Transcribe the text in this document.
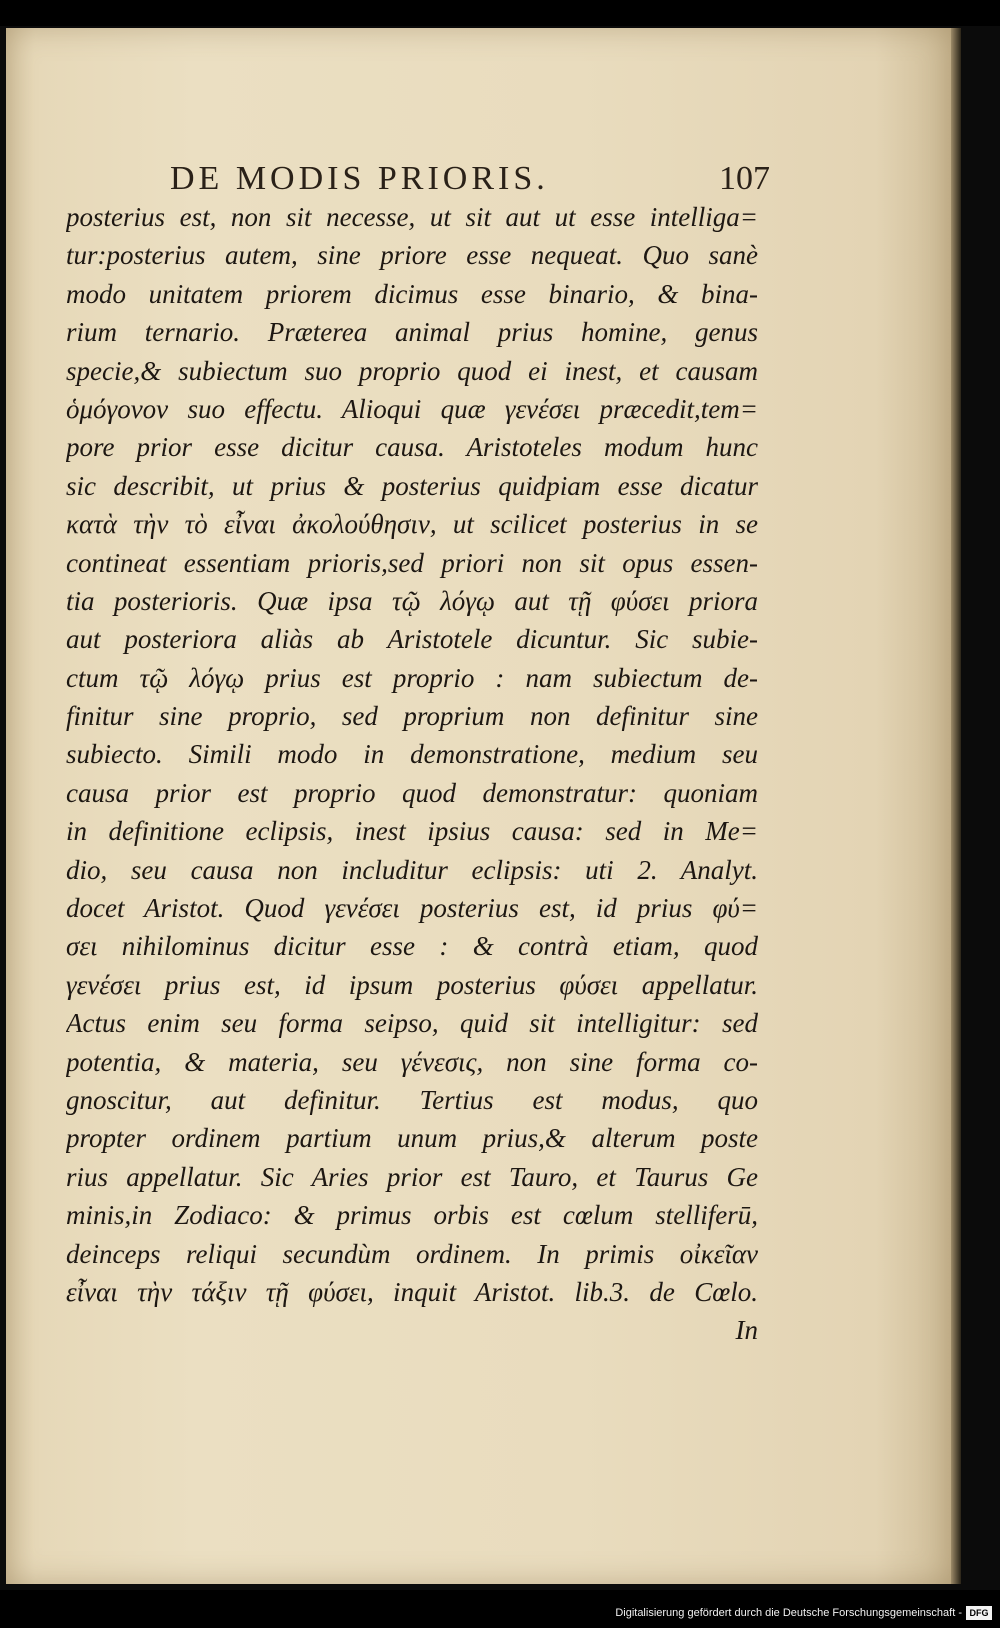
DE MODIS PRIORIS.	107
posterius est, non sit necesse, ut sit aut ut esse intelliga=
tur:posterius autem, sine priore esse nequeat. Quo sanè
modo unitatem priorem dicimus esse binario, & bina-
rium ternario. Præterea animal prius homine, genus
specie,& subiectum suo proprio quod ei inest, et causam
ὁμόγονον suo effectu. Alioqui quæ γενέσει præcedit,tem=
pore prior esse dicitur causa. Aristoteles modum hunc
sic describit, ut prius & posterius quidpiam esse dicatur
κατὰ τὴν τὸ εἶναι ἀκολούθησιν, ut scilicet posterius in se
contineat essentiam prioris,sed priori non sit opus essen-
tia posterioris. Quæ ipsa τῷ λόγῳ aut τῇ φύσει priora
aut posteriora aliàs ab Aristotele dicuntur. Sic subie-
ctum τῷ λόγῳ prius est proprio : nam subiectum de-
finitur sine proprio, sed proprium non definitur sine
subiecto. Simili modo in demonstratione, medium seu
causa prior est proprio quod demonstratur: quoniam
in definitione eclipsis, inest ipsius causa: sed in Me=
dio, seu causa non includitur eclipsis: uti 2. Analyt.
docet Aristot. Quod γενέσει posterius est, id prius φύ=
σει nihilominus dicitur esse : & contrà etiam, quod
γενέσει prius est, id ipsum posterius φύσει appellatur.
Actus enim seu forma seipso, quid sit intelligitur: sed
potentia, & materia, seu γένεσις, non sine forma co-
gnoscitur, aut definitur. Tertius est modus, quo
propter ordinem partium unum prius,& alterum poste
rius appellatur. Sic Aries prior est Tauro, et Taurus Ge
minis,in Zodiaco: & primus orbis est cœlum stelliferū,
deinceps reliqui secundùm ordinem. In primis οἰκεῖαν
εἶναι τὴν τάξιν τῇ φύσει, inquit Aristot. lib.3. de Cœlo.
In
Digitalisierung gefördert durch die Deutsche Forschungsgemeinschaft - DFG
